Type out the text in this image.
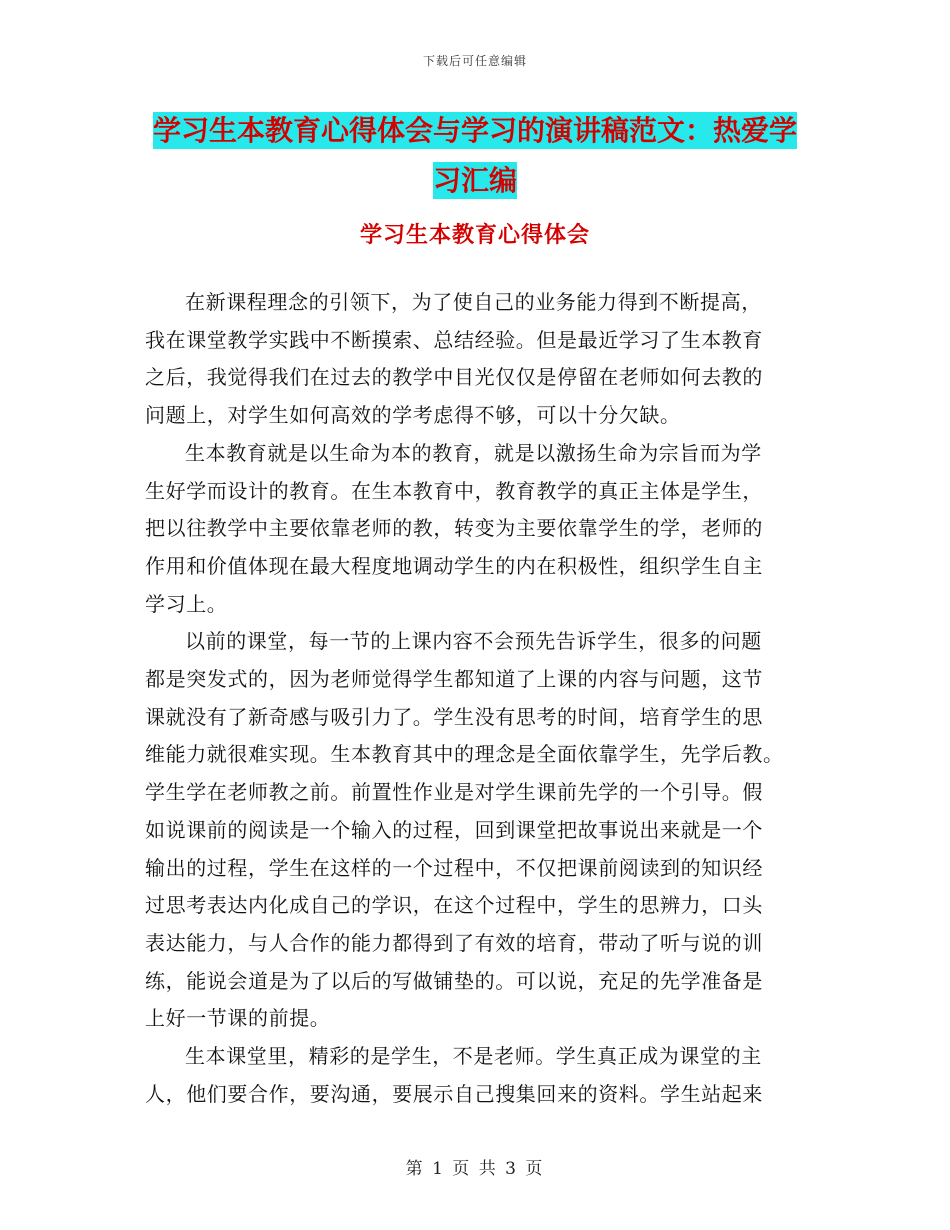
下载后可任意编辑
学习生本教育心得体会与学习的演讲稿范文：热爱学
习汇编
学习生本教育心得体会

在新课程理念的引领下，为了使自己的业务能力得到不断提高，
我在课堂教学实践中不断摸索、总结经验。但是最近学习了生本教育
之后，我觉得我们在过去的教学中目光仅仅是停留在老师如何去教的
问题上，对学生如何高效的学考虑得不够，可以十分欠缺。

生本教育就是以生命为本的教育，就是以激扬生命为宗旨而为学
生好学而设计的教育。在生本教育中，教育教学的真正主体是学生，
把以往教学中主要依靠老师的教，转变为主要依靠学生的学，老师的
作用和价值体现在最大程度地调动学生的内在积极性，组织学生自主
学习上。

以前的课堂，每一节的上课内容不会预先告诉学生，很多的问题
都是突发式的，因为老师觉得学生都知道了上课的内容与问题，这节
课就没有了新奇感与吸引力了。学生没有思考的时间，培育学生的思
维能力就很难实现。生本教育其中的理念是全面依靠学生，先学后教。
学生学在老师教之前。前置性作业是对学生课前先学的一个引导。假
如说课前的阅读是一个输入的过程，回到课堂把故事说出来就是一个
输出的过程，学生在这样的一个过程中，不仅把课前阅读到的知识经
过思考表达内化成自己的学识，在这个过程中，学生的思辨力，口头
表达能力，与人合作的能力都得到了有效的培育，带动了听与说的训
练，能说会道是为了以后的写做铺垫的。可以说，充足的先学准备是
上好一节课的前提。

生本课堂里，精彩的是学生，不是老师。学生真正成为课堂的主
人，他们要合作，要沟通，要展示自己搜集回来的资料。学生站起来

第 1 页 共 3 页
